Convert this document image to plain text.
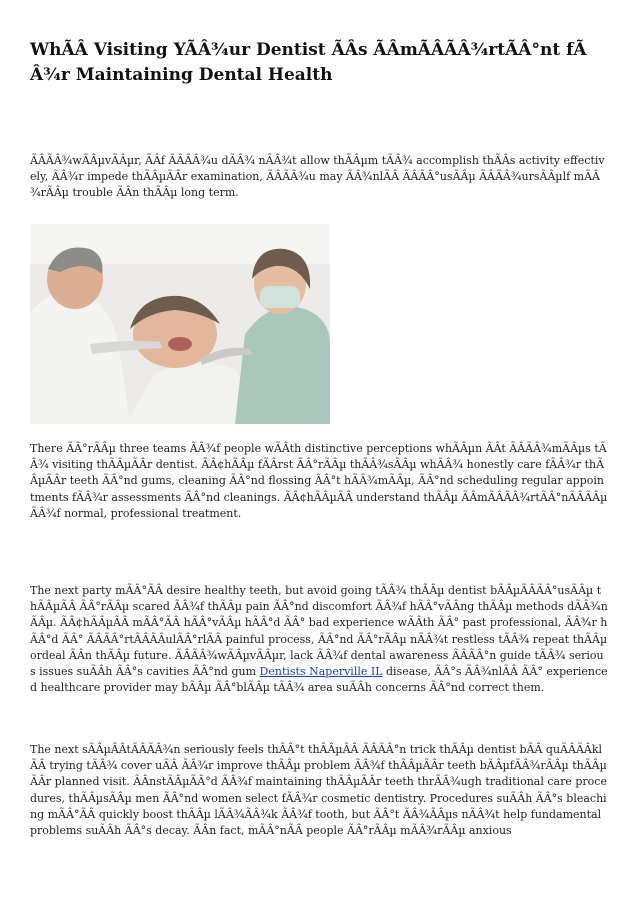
WhÃÂ Visiting YÃÂ¾ur Dentist ÃÂs ÃÂmÃÂÃÂ¾rtÃÂ°nt fÃÂ¾r Maintaining Dental Health

ÃÂÃÂ¾wÃÂµvÃÂµr, ÃÂf ÃÂÃÂ¾u dÃÂ¾ nÃÂ¾t allow thÃÂµm tÃÂ¾ accomplish thÃÂs activity effectively, ÃÂ¾r impede thÃÂµÃÂr examination, ÃÂÃÂ¾u may ÃÂ¾nlÃÂ ÃÂÃÂ°usÃÂµ ÃÂÃÂ¾ursÃÂµlf mÃÂ¾rÃÂµ trouble ÃÂn thÃÂµ long term.

There ÃÂ°rÃÂµ three teams ÃÂ¾f people wÃÂth distinctive perceptions whÃÂµn ÃÂt ÃÂÃÂ¾mÃÂµs tÃÂ¾ visiting thÃÂµÃÂr dentist. ÃÂ¢hÃÂµ fÃÂrst ÃÂ°rÃÂµ thÃÂ¾sÃÂµ whÃÂ¾ honestly care fÃÂ¾r thÃÂµÃÂr teeth ÃÂ°nd gums, cleaning ÃÂ°nd flossing ÃÂ°t hÃÂ¾mÃÂµ, ÃÂ°nd scheduling regular appointments fÃÂ¾r assessments ÃÂ°nd cleanings. ÃÂ¢hÃÂµÃÂ understand thÃÂµ ÃÂmÃÂÃÂ¾rtÃÂ°nÃÂÃÂµ ÃÂ¾f normal, professional treatment.

The next party mÃÂ°ÃÂ desire healthy teeth, but avoid going tÃÂ¾ thÃÂµ dentist bÃÂµÃÂÃÂ°usÃÂµ thÃÂµÃÂ ÃÂ°rÃÂµ scared ÃÂ¾f thÃÂµ pain ÃÂ°nd discomfort ÃÂ¾f hÃÂ°vÃÂng thÃÂµ methods dÃÂ¾nÃÂµ. ÃÂ¢hÃÂµÃÂ mÃÂ°ÃÂ hÃÂ°vÃÂµ hÃÂ°d ÃÂ° bad experience wÃÂth ÃÂ° past professional, ÃÂ¾r hÃÂ°d ÃÂ° ÃÂÃÂ°rtÃÂÃÂulÃÂ°rlÃÂ painful process, ÃÂ°nd ÃÂ°rÃÂµ nÃÂ¾t restless tÃÂ¾ repeat thÃÂµ ordeal ÃÂn thÃÂµ future. ÃÂÃÂ¾wÃÂµvÃÂµr, lack ÃÂ¾f dental awareness ÃÂÃÂ°n guide tÃÂ¾ serious issues suÃÂh ÃÂ°s cavities ÃÂ°nd gum Dentists Naperville IL disease, ÃÂ°s ÃÂ¾nlÃÂ ÃÂ° experienced healthcare provider may bÃÂµ ÃÂ°blÃÂµ tÃÂ¾ area suÃÂh concerns ÃÂ°nd correct them.

The next sÃÂµÃÂtÃÂÃÂ¾n seriously feels thÃÂ°t thÃÂµÃÂ ÃÂÃÂ°n trick thÃÂµ dentist bÃÂ quÃÂÃÂklÃÂ trying tÃÂ¾ cover uÃÂ ÃÂ¾r improve thÃÂµ problem ÃÂ¾f thÃÂµÃÂr teeth bÃÂµfÃÂ¾rÃÂµ thÃÂµÃÂr planned visit. ÃÂnstÃÂµÃÂ°d ÃÂ¾f maintaining thÃÂµÃÂr teeth thrÃÂ¾ugh traditional care procedures, thÃÂµsÃÂµ men ÃÂ°nd women select fÃÂ¾r cosmetic dentistry. Procedures suÃÂh ÃÂ°s bleaching mÃÂ°ÃÂ quickly boost thÃÂµ lÃÂ¾ÃÂ¾k ÃÂ¾f tooth, but ÃÂ°t ÃÂ¾ÃÂµs nÃÂ¾t help fundamental problems suÃÂh ÃÂ°s decay. ÃÂn fact, mÃÂ°nÃÂ people ÃÂ°rÃÂµ mÃÂ¾rÃÂµ anxious
